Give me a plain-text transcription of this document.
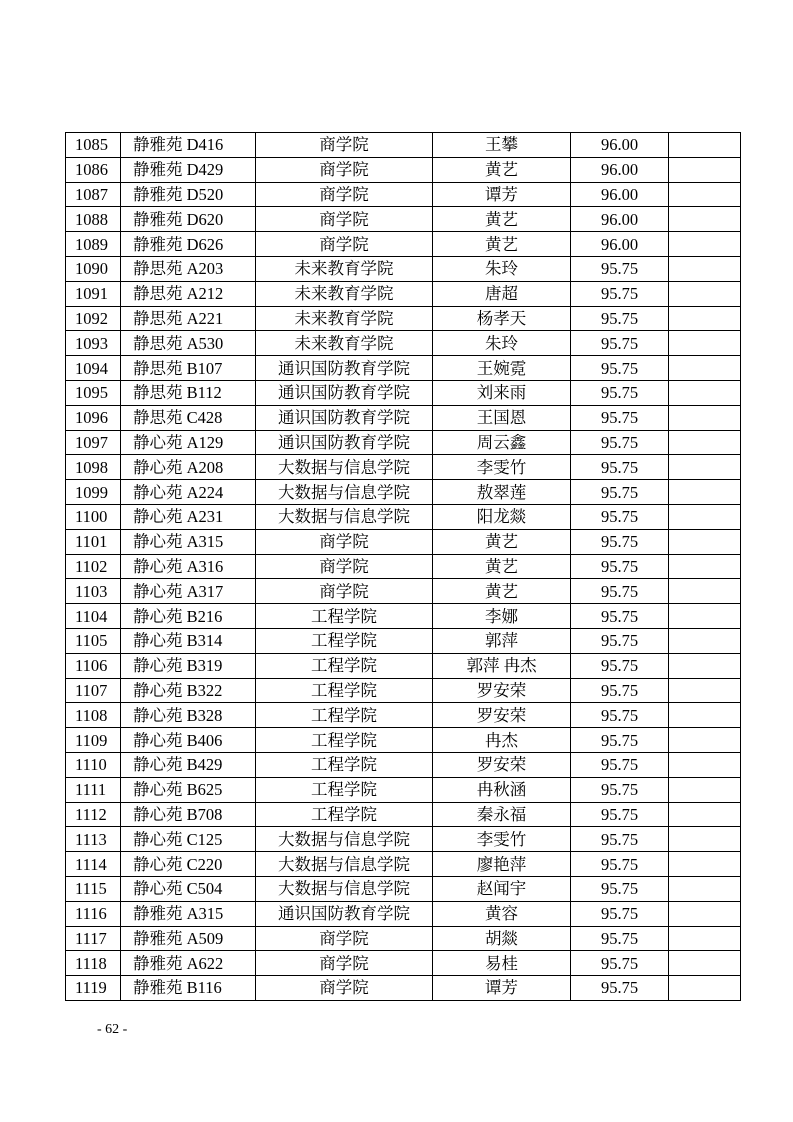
1085	静雅苑 D416	商学院	王攀	96.00	
1086	静雅苑 D429	商学院	黄艺	96.00	
1087	静雅苑 D520	商学院	谭芳	96.00	
1088	静雅苑 D620	商学院	黄艺	96.00	
1089	静雅苑 D626	商学院	黄艺	96.00	
1090	静思苑 A203	未来教育学院	朱玲	95.75	
1091	静思苑 A212	未来教育学院	唐超	95.75	
1092	静思苑 A221	未来教育学院	杨孝天	95.75	
1093	静思苑 A530	未来教育学院	朱玲	95.75	
1094	静思苑 B107	通识国防教育学院	王婉霓	95.75	
1095	静思苑 B112	通识国防教育学院	刘来雨	95.75	
1096	静思苑 C428	通识国防教育学院	王国恩	95.75	
1097	静心苑 A129	通识国防教育学院	周云鑫	95.75	
1098	静心苑 A208	大数据与信息学院	李雯竹	95.75	
1099	静心苑 A224	大数据与信息学院	敖翠莲	95.75	
1100	静心苑 A231	大数据与信息学院	阳龙燚	95.75	
1101	静心苑 A315	商学院	黄艺	95.75	
1102	静心苑 A316	商学院	黄艺	95.75	
1103	静心苑 A317	商学院	黄艺	95.75	
1104	静心苑 B216	工程学院	李娜	95.75	
1105	静心苑 B314	工程学院	郭萍	95.75	
1106	静心苑 B319	工程学院	郭萍 冉杰	95.75	
1107	静心苑 B322	工程学院	罗安荣	95.75	
1108	静心苑 B328	工程学院	罗安荣	95.75	
1109	静心苑 B406	工程学院	冉杰	95.75	
1110	静心苑 B429	工程学院	罗安荣	95.75	
1111	静心苑 B625	工程学院	冉秋涵	95.75	
1112	静心苑 B708	工程学院	秦永福	95.75	
1113	静心苑 C125	大数据与信息学院	李雯竹	95.75	
1114	静心苑 C220	大数据与信息学院	廖艳萍	95.75	
1115	静心苑 C504	大数据与信息学院	赵闻宇	95.75	
1116	静雅苑 A315	通识国防教育学院	黄容	95.75	
1117	静雅苑 A509	商学院	胡燚	95.75	
1118	静雅苑 A622	商学院	易桂	95.75	
1119	静雅苑 B116	商学院	谭芳	95.75	
- 62 -
